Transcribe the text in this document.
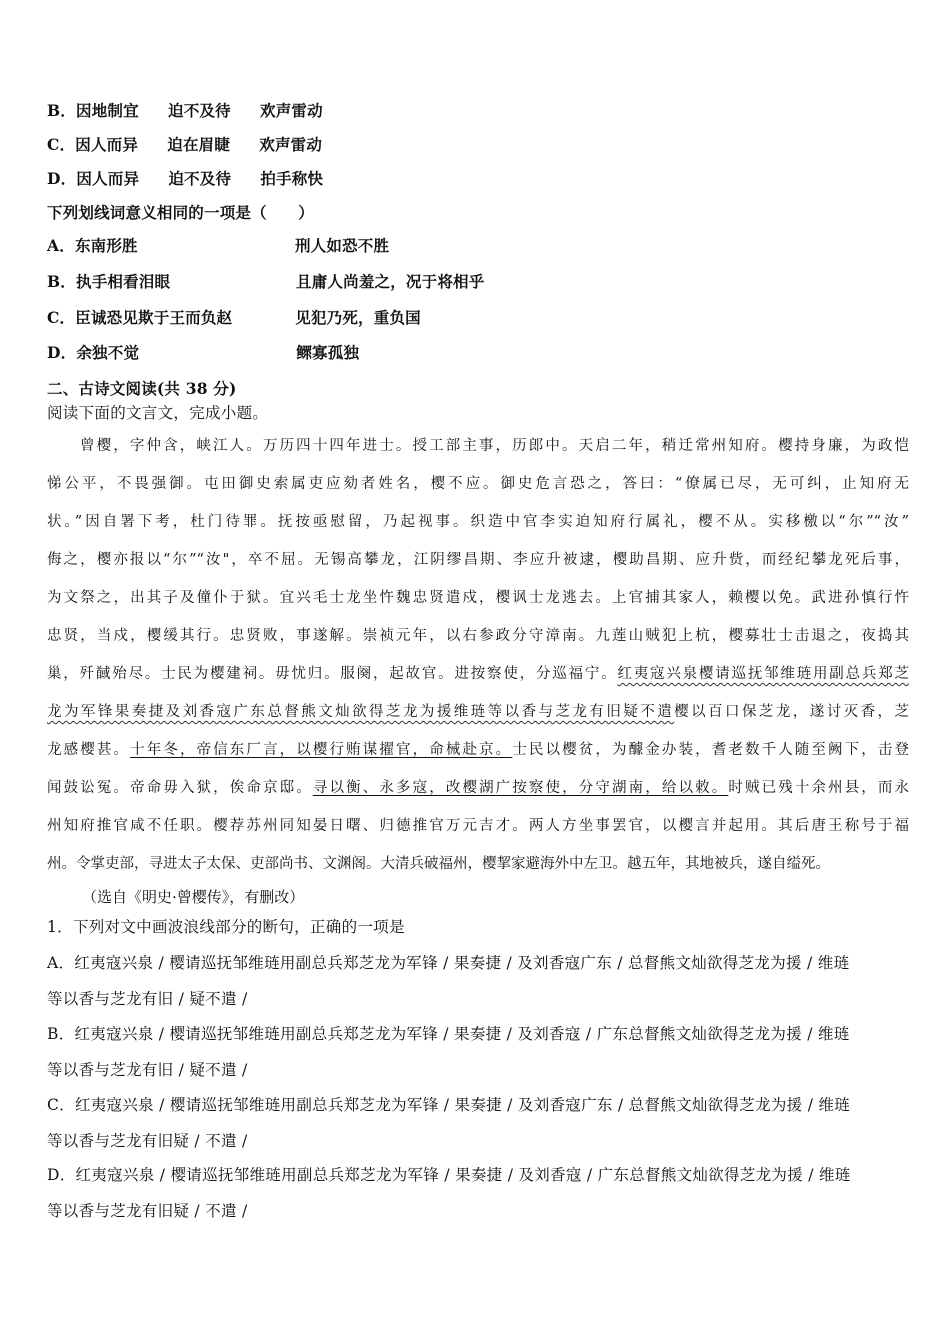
B．因地制宜 迫不及待 欢声雷动
C．因人而异 迫在眉睫 欢声雷动
D．因人而异 迫不及待 拍手称快
下列划线词意义相同的一项是（　　）
A．东南形胜	刑人如恐不胜
B．执手相看泪眼	且庸人尚羞之，况于将相乎
C．臣诚恐见欺于王而负赵	见犯乃死，重负国
D．余独不觉	鳏寡孤独
二、古诗文阅读(共 38 分)
阅读下面的文言文，完成小题。
曾樱，字仲含，峡江人。万历四十四年进士。授工部主事，历郎中。天启二年，稍迁常州知府。樱持身廉，为政恺
悌公平，不畏强御。屯田御史索属吏应劾者姓名，樱不应。御史危言恐之，答曰：“僚属已尽，无可纠，止知府无
状。”因自署下考，杜门待罪。抚按亟慰留，乃起视事。织造中官李实迫知府行属礼，樱不从。实移檄以“尔”“汝”
侮之，樱亦报以“尔”“汝"，卒不屈。无锡高攀龙，江阴缪昌期、李应升被逮，樱助昌期、应升赀，而经纪攀龙死后事，
为文祭之，出其子及僮仆于狱。宜兴毛士龙坐忤魏忠贤遣戍，樱讽士龙逃去。上官捕其家人，赖樱以免。武进孙慎行忤
忠贤，当戍，樱缓其行。忠贤败，事遂解。崇祯元年，以右参政分守漳南。九莲山贼犯上杭，樱募壮士击退之，夜捣其
巢，歼馘殆尽。士民为樱建祠。毋忧归。服阕，起故官。进按察使，分巡福宁。红夷寇兴泉樱请巡抚邹维琏用副总兵郑芝
龙为军锋果奏捷及刘香寇广东总督熊文灿欲得芝龙为援维琏等以香与芝龙有旧疑不遣樱以百口保芝龙，遂讨灭香，芝
龙感樱甚。十年冬，帝信东厂言，以樱行贿谋擢官，命械赴京。士民以樱贫，为醵金办装，耆老数千人随至阙下，击登
闻鼓讼冤。帝命毋入狱，俟命京邸。寻以衡、永多寇，改樱湖广按察使，分守湖南，给以敕。时贼已残十余州县，而永
州知府推官咸不任职。樱荐苏州同知晏日曙、归德推官万元吉才。两人方坐事罢官，以樱言并起用。其后唐王称号于福
州。令掌吏部，寻进太子太保、吏部尚书、文渊阁。大清兵破福州，樱挈家避海外中左卫。越五年，其地被兵，遂自缢死。
（选自《明史·曾樱传》，有删改）
1．下列对文中画波浪线部分的断句，正确的一项是
A．红夷寇兴泉 / 樱请巡抚邹维琏用副总兵郑芝龙为军锋 / 果奏捷 / 及刘香寇广东 / 总督熊文灿欲得芝龙为援 / 维琏
等以香与芝龙有旧 / 疑不遣 /
B．红夷寇兴泉 / 樱请巡抚邹维琏用副总兵郑芝龙为军锋 / 果奏捷 / 及刘香寇 / 广东总督熊文灿欲得芝龙为援 / 维琏
等以香与芝龙有旧 / 疑不遣 /
C．红夷寇兴泉 / 樱请巡抚邹维琏用副总兵郑芝龙为军锋 / 果奏捷 / 及刘香寇广东 / 总督熊文灿欲得芝龙为援 / 维琏
等以香与芝龙有旧疑 / 不遣 /
D．红夷寇兴泉 / 樱请巡抚邹维琏用副总兵郑芝龙为军锋 / 果奏捷 / 及刘香寇 / 广东总督熊文灿欲得芝龙为援 / 维琏
等以香与芝龙有旧疑 / 不遣 /
